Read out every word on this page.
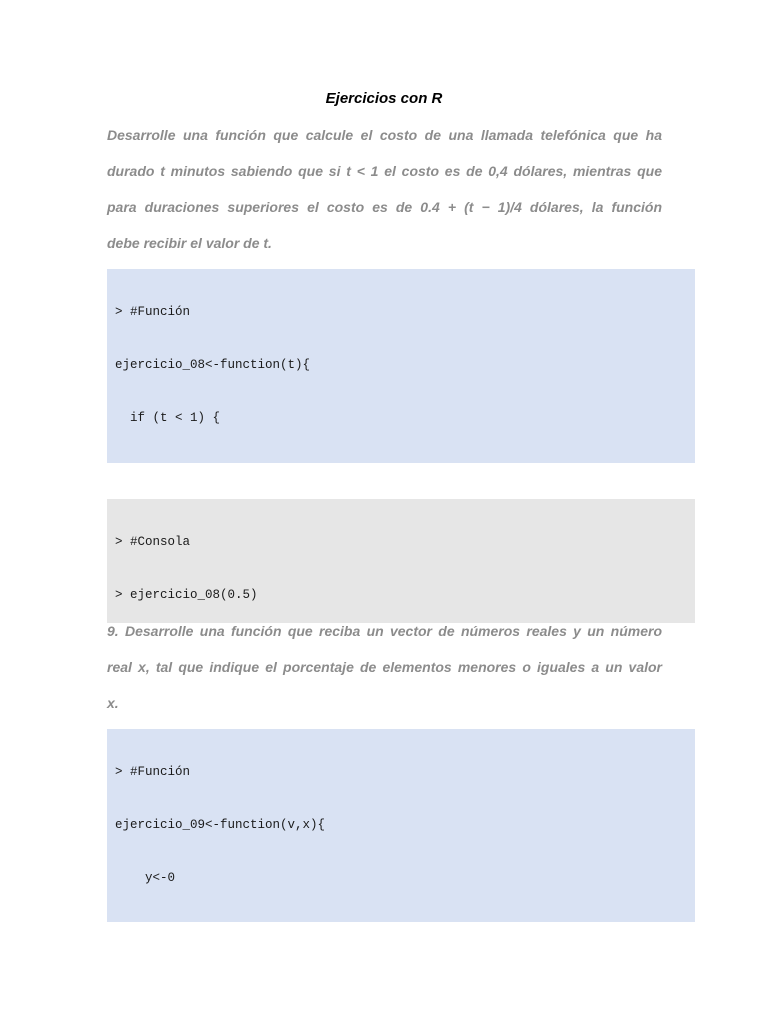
Ejercicios con R

Desarrolle una función que calcule el costo de una llamada telefónica que ha
durado t minutos sabiendo que si t < 1 el costo es de 0,4 dólares, mientras que
para duraciones superiores el costo es de 0.4 + (t − 1)/4 dólares, la función
debe recibir el valor de t.

> #Función

ejercicio_08<-function(t){

if (t < 1) {

> #Consola

> ejercicio_08(0.5)

9. Desarrolle una función que reciba un vector de números reales y un número
real x, tal que indique el porcentaje de elementos menores o iguales a un valor
x.

> #Función

ejercicio_09<-function(v,x){

y<-0
